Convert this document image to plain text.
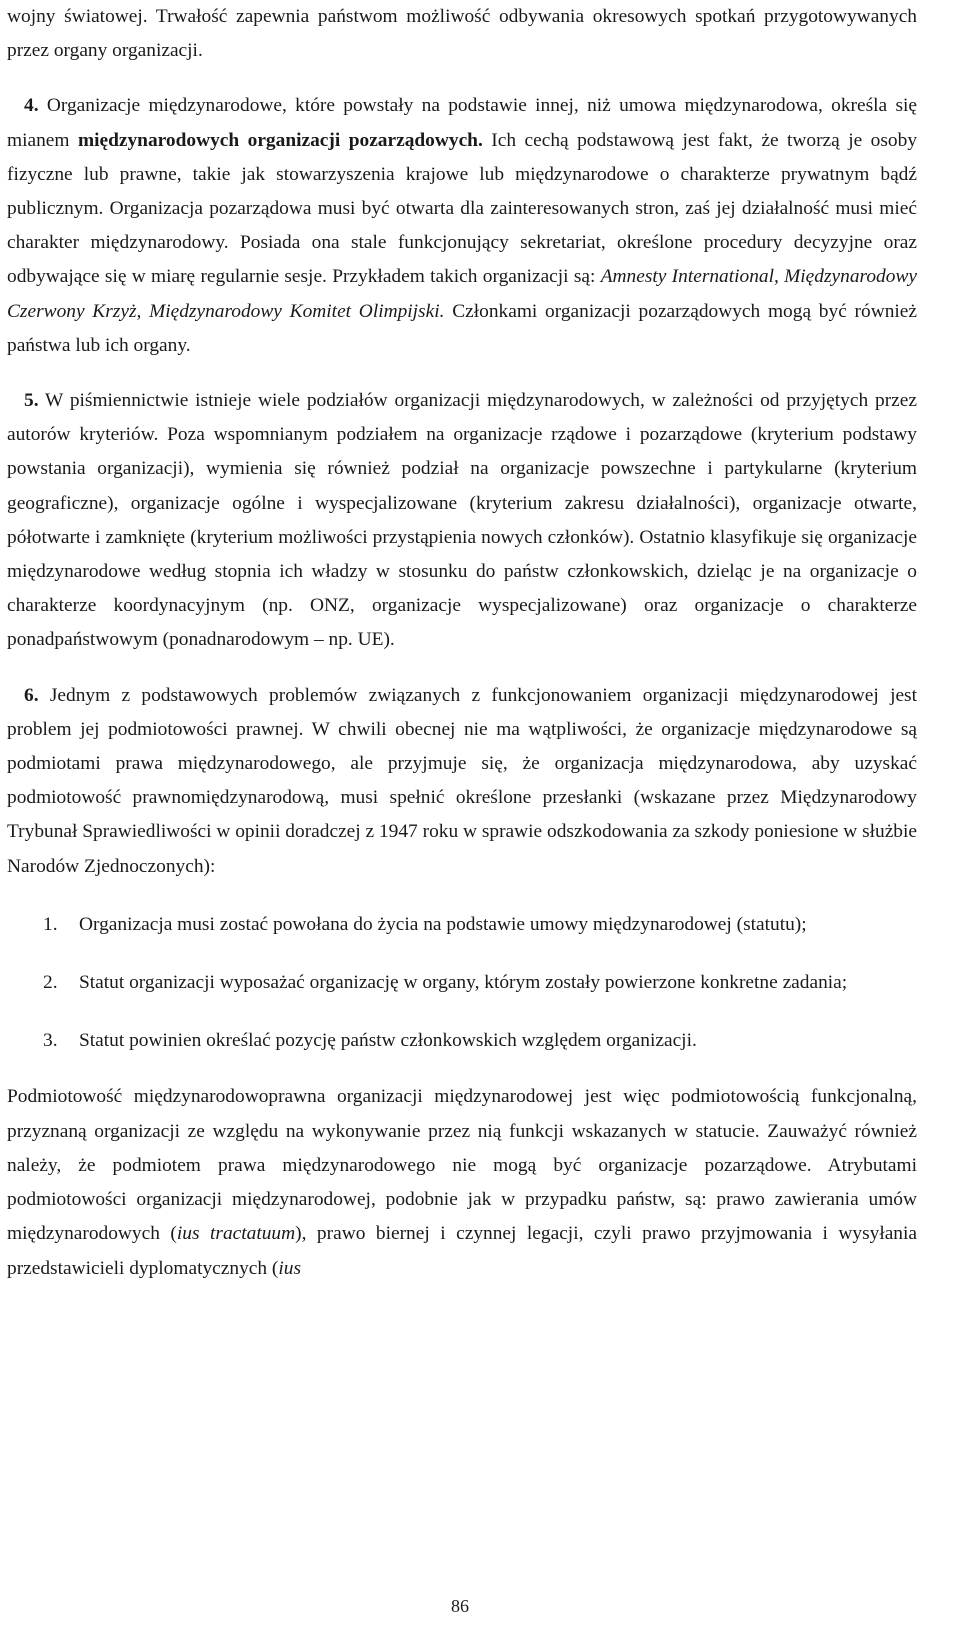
wojny światowej. Trwałość zapewnia państwom możliwość odbywania okresowych spotkań przygotowywanych przez organy organizacji.

4. Organizacje międzynarodowe, które powstały na podstawie innej, niż umowa międzynarodowa, określa się mianem międzynarodowych organizacji pozarządowych. Ich cechą podstawową jest fakt, że tworzą je osoby fizyczne lub prawne, takie jak stowarzyszenia krajowe lub międzynarodowe o charakterze prywatnym bądź publicznym. Organizacja pozarządowa musi być otwarta dla zainteresowanych stron, zaś jej działalność musi mieć charakter międzynarodowy. Posiada ona stale funkcjonujący sekretariat, określone procedury decyzyjne oraz odbywające się w miarę regularnie sesje. Przykładem takich organizacji są: Amnesty International, Międzynarodowy Czerwony Krzyż, Międzynarodowy Komitet Olimpijski. Członkami organizacji pozarządowych mogą być również państwa lub ich organy.

5. W piśmiennictwie istnieje wiele podziałów organizacji międzynarodowych, w zależności od przyjętych przez autorów kryteriów. Poza wspomnianym podziałem na organizacje rządowe i pozarządowe (kryterium podstawy powstania organizacji), wymienia się również podział na organizacje powszechne i partykularne (kryterium geograficzne), organizacje ogólne i wyspecjalizowane (kryterium zakresu działalności), organizacje otwarte, półotwarte i zamknięte (kryterium możliwości przystąpienia nowych członków). Ostatnio klasyfikuje się organizacje międzynarodowe według stopnia ich władzy w stosunku do państw członkowskich, dzieląc je na organizacje o charakterze koordynacyjnym (np. ONZ, organizacje wyspecjalizowane) oraz organizacje o charakterze ponadpaństwowym (ponadnarodowym – np. UE).

6. Jednym z podstawowych problemów związanych z funkcjonowaniem organizacji międzynarodowej jest problem jej podmiotowości prawnej. W chwili obecnej nie ma wątpliwości, że organizacje międzynarodowe są podmiotami prawa międzynarodowego, ale przyjmuje się, że organizacja międzynarodowa, aby uzyskać podmiotowość prawnomiędzynarodową, musi spełnić określone przesłanki (wskazane przez Międzynarodowy Trybunał Sprawiedliwości w opinii doradczej z 1947 roku w sprawie odszkodowania za szkody poniesione w służbie Narodów Zjednoczonych):

1.	Organizacja musi zostać powołana do życia na podstawie umowy międzynarodowej (statutu);
2.	Statut organizacji wyposażać organizację w organy, którym zostały powierzone konkretne zadania;
3.	Statut powinien określać pozycję państw członkowskich względem organizacji.

Podmiotowość międzynarodowoprawna organizacji międzynarodowej jest więc podmiotowością funkcjonalną, przyznaną organizacji ze względu na wykonywanie przez nią funkcji wskazanych w statucie. Zauważyć również należy, że podmiotem prawa międzynarodowego nie mogą być organizacje pozarządowe. Atrybutami podmiotowości organizacji międzynarodowej, podobnie jak w przypadku państw, są: prawo zawierania umów międzynarodowych (ius tractatuum), prawo biernej i czynnej legacji, czyli prawo przyjmowania i wysyłania przedstawicieli dyplomatycznych (ius

86
